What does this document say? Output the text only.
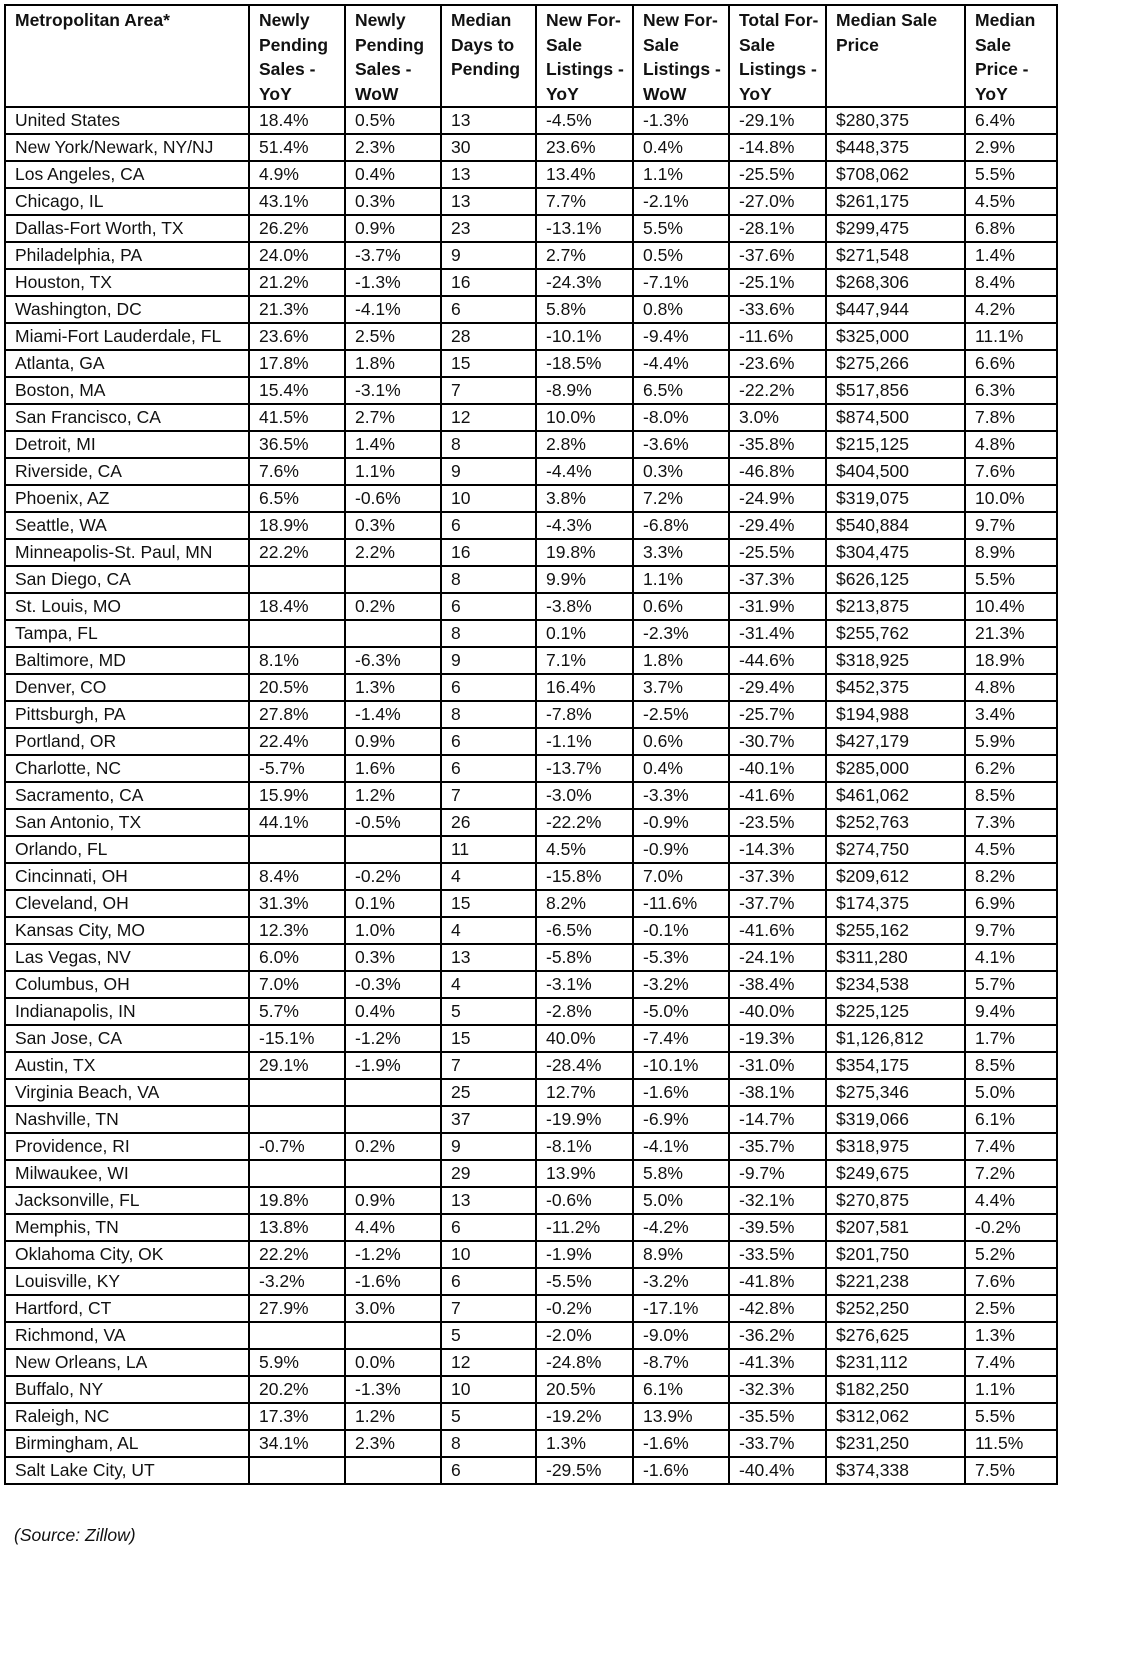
Metropolitan Area*	Newly Pending Sales - YoY	Newly Pending Sales - WoW	Median Days to Pending	New For-Sale Listings - YoY	New For-Sale Listings - WoW	Total For-Sale Listings - YoY	Median Sale Price	Median Sale Price - YoY
United States	18.4%	0.5%	13	-4.5%	-1.3%	-29.1%	$280,375	6.4%
New York/Newark, NY/NJ	51.4%	2.3%	30	23.6%	0.4%	-14.8%	$448,375	2.9%
Los Angeles, CA	4.9%	0.4%	13	13.4%	1.1%	-25.5%	$708,062	5.5%
Chicago, IL	43.1%	0.3%	13	7.7%	-2.1%	-27.0%	$261,175	4.5%
Dallas-Fort Worth, TX	26.2%	0.9%	23	-13.1%	5.5%	-28.1%	$299,475	6.8%
Philadelphia, PA	24.0%	-3.7%	9	2.7%	0.5%	-37.6%	$271,548	1.4%
Houston, TX	21.2%	-1.3%	16	-24.3%	-7.1%	-25.1%	$268,306	8.4%
Washington, DC	21.3%	-4.1%	6	5.8%	0.8%	-33.6%	$447,944	4.2%
Miami-Fort Lauderdale, FL	23.6%	2.5%	28	-10.1%	-9.4%	-11.6%	$325,000	11.1%
Atlanta, GA	17.8%	1.8%	15	-18.5%	-4.4%	-23.6%	$275,266	6.6%
Boston, MA	15.4%	-3.1%	7	-8.9%	6.5%	-22.2%	$517,856	6.3%
San Francisco, CA	41.5%	2.7%	12	10.0%	-8.0%	3.0%	$874,500	7.8%
Detroit, MI	36.5%	1.4%	8	2.8%	-3.6%	-35.8%	$215,125	4.8%
Riverside, CA	7.6%	1.1%	9	-4.4%	0.3%	-46.8%	$404,500	7.6%
Phoenix, AZ	6.5%	-0.6%	10	3.8%	7.2%	-24.9%	$319,075	10.0%
Seattle, WA	18.9%	0.3%	6	-4.3%	-6.8%	-29.4%	$540,884	9.7%
Minneapolis-St. Paul, MN	22.2%	2.2%	16	19.8%	3.3%	-25.5%	$304,475	8.9%
San Diego, CA			8	9.9%	1.1%	-37.3%	$626,125	5.5%
St. Louis, MO	18.4%	0.2%	6	-3.8%	0.6%	-31.9%	$213,875	10.4%
Tampa, FL			8	0.1%	-2.3%	-31.4%	$255,762	21.3%
Baltimore, MD	8.1%	-6.3%	9	7.1%	1.8%	-44.6%	$318,925	18.9%
Denver, CO	20.5%	1.3%	6	16.4%	3.7%	-29.4%	$452,375	4.8%
Pittsburgh, PA	27.8%	-1.4%	8	-7.8%	-2.5%	-25.7%	$194,988	3.4%
Portland, OR	22.4%	0.9%	6	-1.1%	0.6%	-30.7%	$427,179	5.9%
Charlotte, NC	-5.7%	1.6%	6	-13.7%	0.4%	-40.1%	$285,000	6.2%
Sacramento, CA	15.9%	1.2%	7	-3.0%	-3.3%	-41.6%	$461,062	8.5%
San Antonio, TX	44.1%	-0.5%	26	-22.2%	-0.9%	-23.5%	$252,763	7.3%
Orlando, FL			11	4.5%	-0.9%	-14.3%	$274,750	4.5%
Cincinnati, OH	8.4%	-0.2%	4	-15.8%	7.0%	-37.3%	$209,612	8.2%
Cleveland, OH	31.3%	0.1%	15	8.2%	-11.6%	-37.7%	$174,375	6.9%
Kansas City, MO	12.3%	1.0%	4	-6.5%	-0.1%	-41.6%	$255,162	9.7%
Las Vegas, NV	6.0%	0.3%	13	-5.8%	-5.3%	-24.1%	$311,280	4.1%
Columbus, OH	7.0%	-0.3%	4	-3.1%	-3.2%	-38.4%	$234,538	5.7%
Indianapolis, IN	5.7%	0.4%	5	-2.8%	-5.0%	-40.0%	$225,125	9.4%
San Jose, CA	-15.1%	-1.2%	15	40.0%	-7.4%	-19.3%	$1,126,812	1.7%
Austin, TX	29.1%	-1.9%	7	-28.4%	-10.1%	-31.0%	$354,175	8.5%
Virginia Beach, VA			25	12.7%	-1.6%	-38.1%	$275,346	5.0%
Nashville, TN			37	-19.9%	-6.9%	-14.7%	$319,066	6.1%
Providence, RI	-0.7%	0.2%	9	-8.1%	-4.1%	-35.7%	$318,975	7.4%
Milwaukee, WI			29	13.9%	5.8%	-9.7%	$249,675	7.2%
Jacksonville, FL	19.8%	0.9%	13	-0.6%	5.0%	-32.1%	$270,875	4.4%
Memphis, TN	13.8%	4.4%	6	-11.2%	-4.2%	-39.5%	$207,581	-0.2%
Oklahoma City, OK	22.2%	-1.2%	10	-1.9%	8.9%	-33.5%	$201,750	5.2%
Louisville, KY	-3.2%	-1.6%	6	-5.5%	-3.2%	-41.8%	$221,238	7.6%
Hartford, CT	27.9%	3.0%	7	-0.2%	-17.1%	-42.8%	$252,250	2.5%
Richmond, VA			5	-2.0%	-9.0%	-36.2%	$276,625	1.3%
New Orleans, LA	5.9%	0.0%	12	-24.8%	-8.7%	-41.3%	$231,112	7.4%
Buffalo, NY	20.2%	-1.3%	10	20.5%	6.1%	-32.3%	$182,250	1.1%
Raleigh, NC	17.3%	1.2%	5	-19.2%	13.9%	-35.5%	$312,062	5.5%
Birmingham, AL	34.1%	2.3%	8	1.3%	-1.6%	-33.7%	$231,250	11.5%
Salt Lake City, UT			6	-29.5%	-1.6%	-40.4%	$374,338	7.5%
(Source: Zillow)
